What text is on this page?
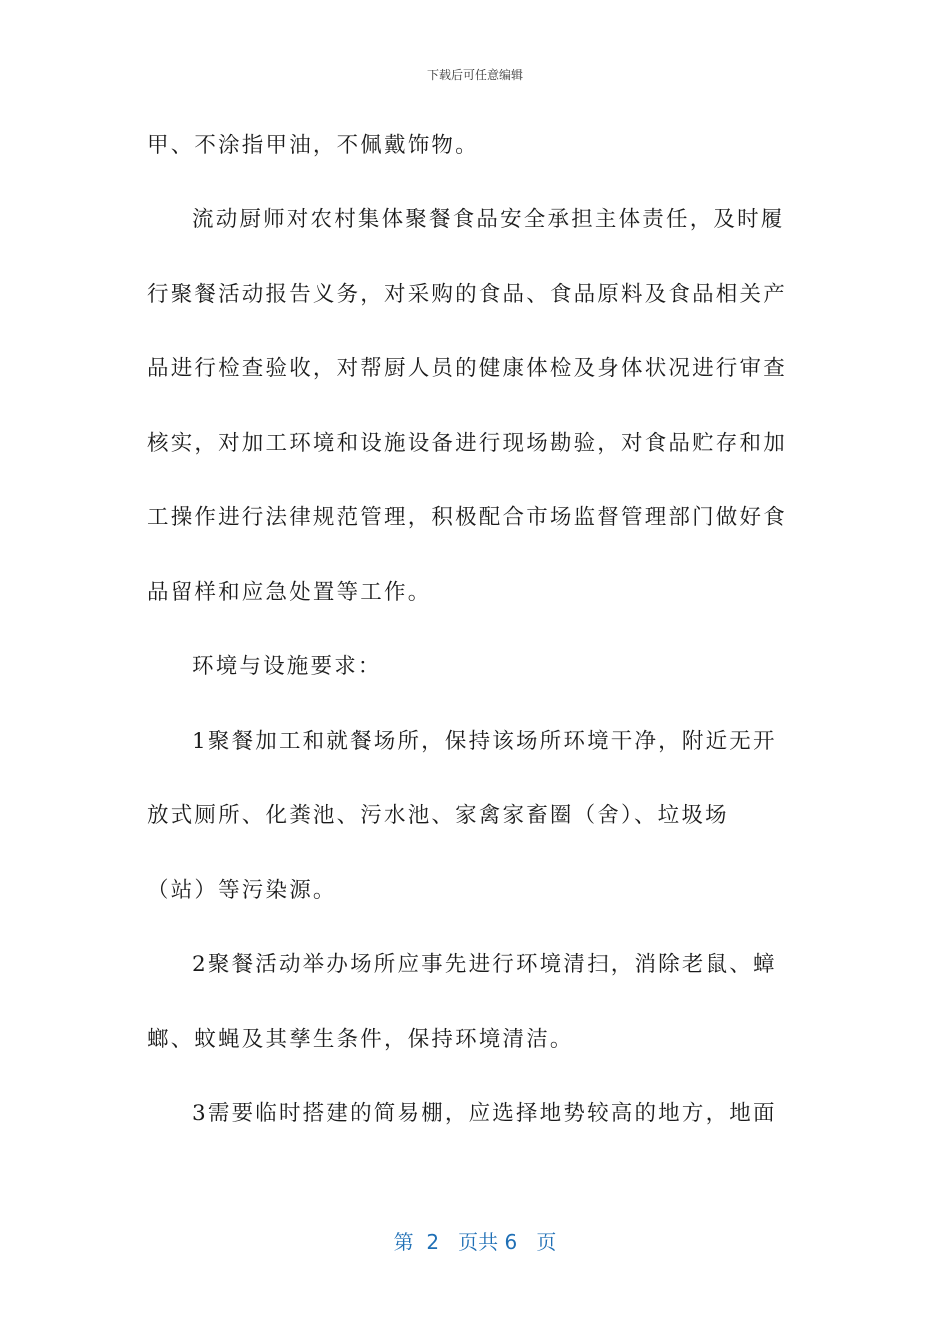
下载后可任意编辑
甲、不涂指甲油，不佩戴饰物。
流动厨师对农村集体聚餐食品安全承担主体责任，及时履
行聚餐活动报告义务，对采购的食品、食品原料及食品相关产
品进行检查验收，对帮厨人员的健康体检及身体状况进行审查
核实，对加工环境和设施设备进行现场勘验，对食品贮存和加
工操作进行法律规范管理，积极配合市场监督管理部门做好食
品留样和应急处置等工作。
环境与设施要求：
1聚餐加工和就餐场所，保持该场所环境干净，附近无开
放式厕所、化粪池、污水池、家禽家畜圈（舍）、垃圾场
（站）等污染源。
2聚餐活动举办场所应事先进行环境清扫，消除老鼠、蟑
螂、蚊蝇及其孳生条件，保持环境清洁。
3需要临时搭建的简易棚，应选择地势较高的地方，地面
第  2   页共 6   页
